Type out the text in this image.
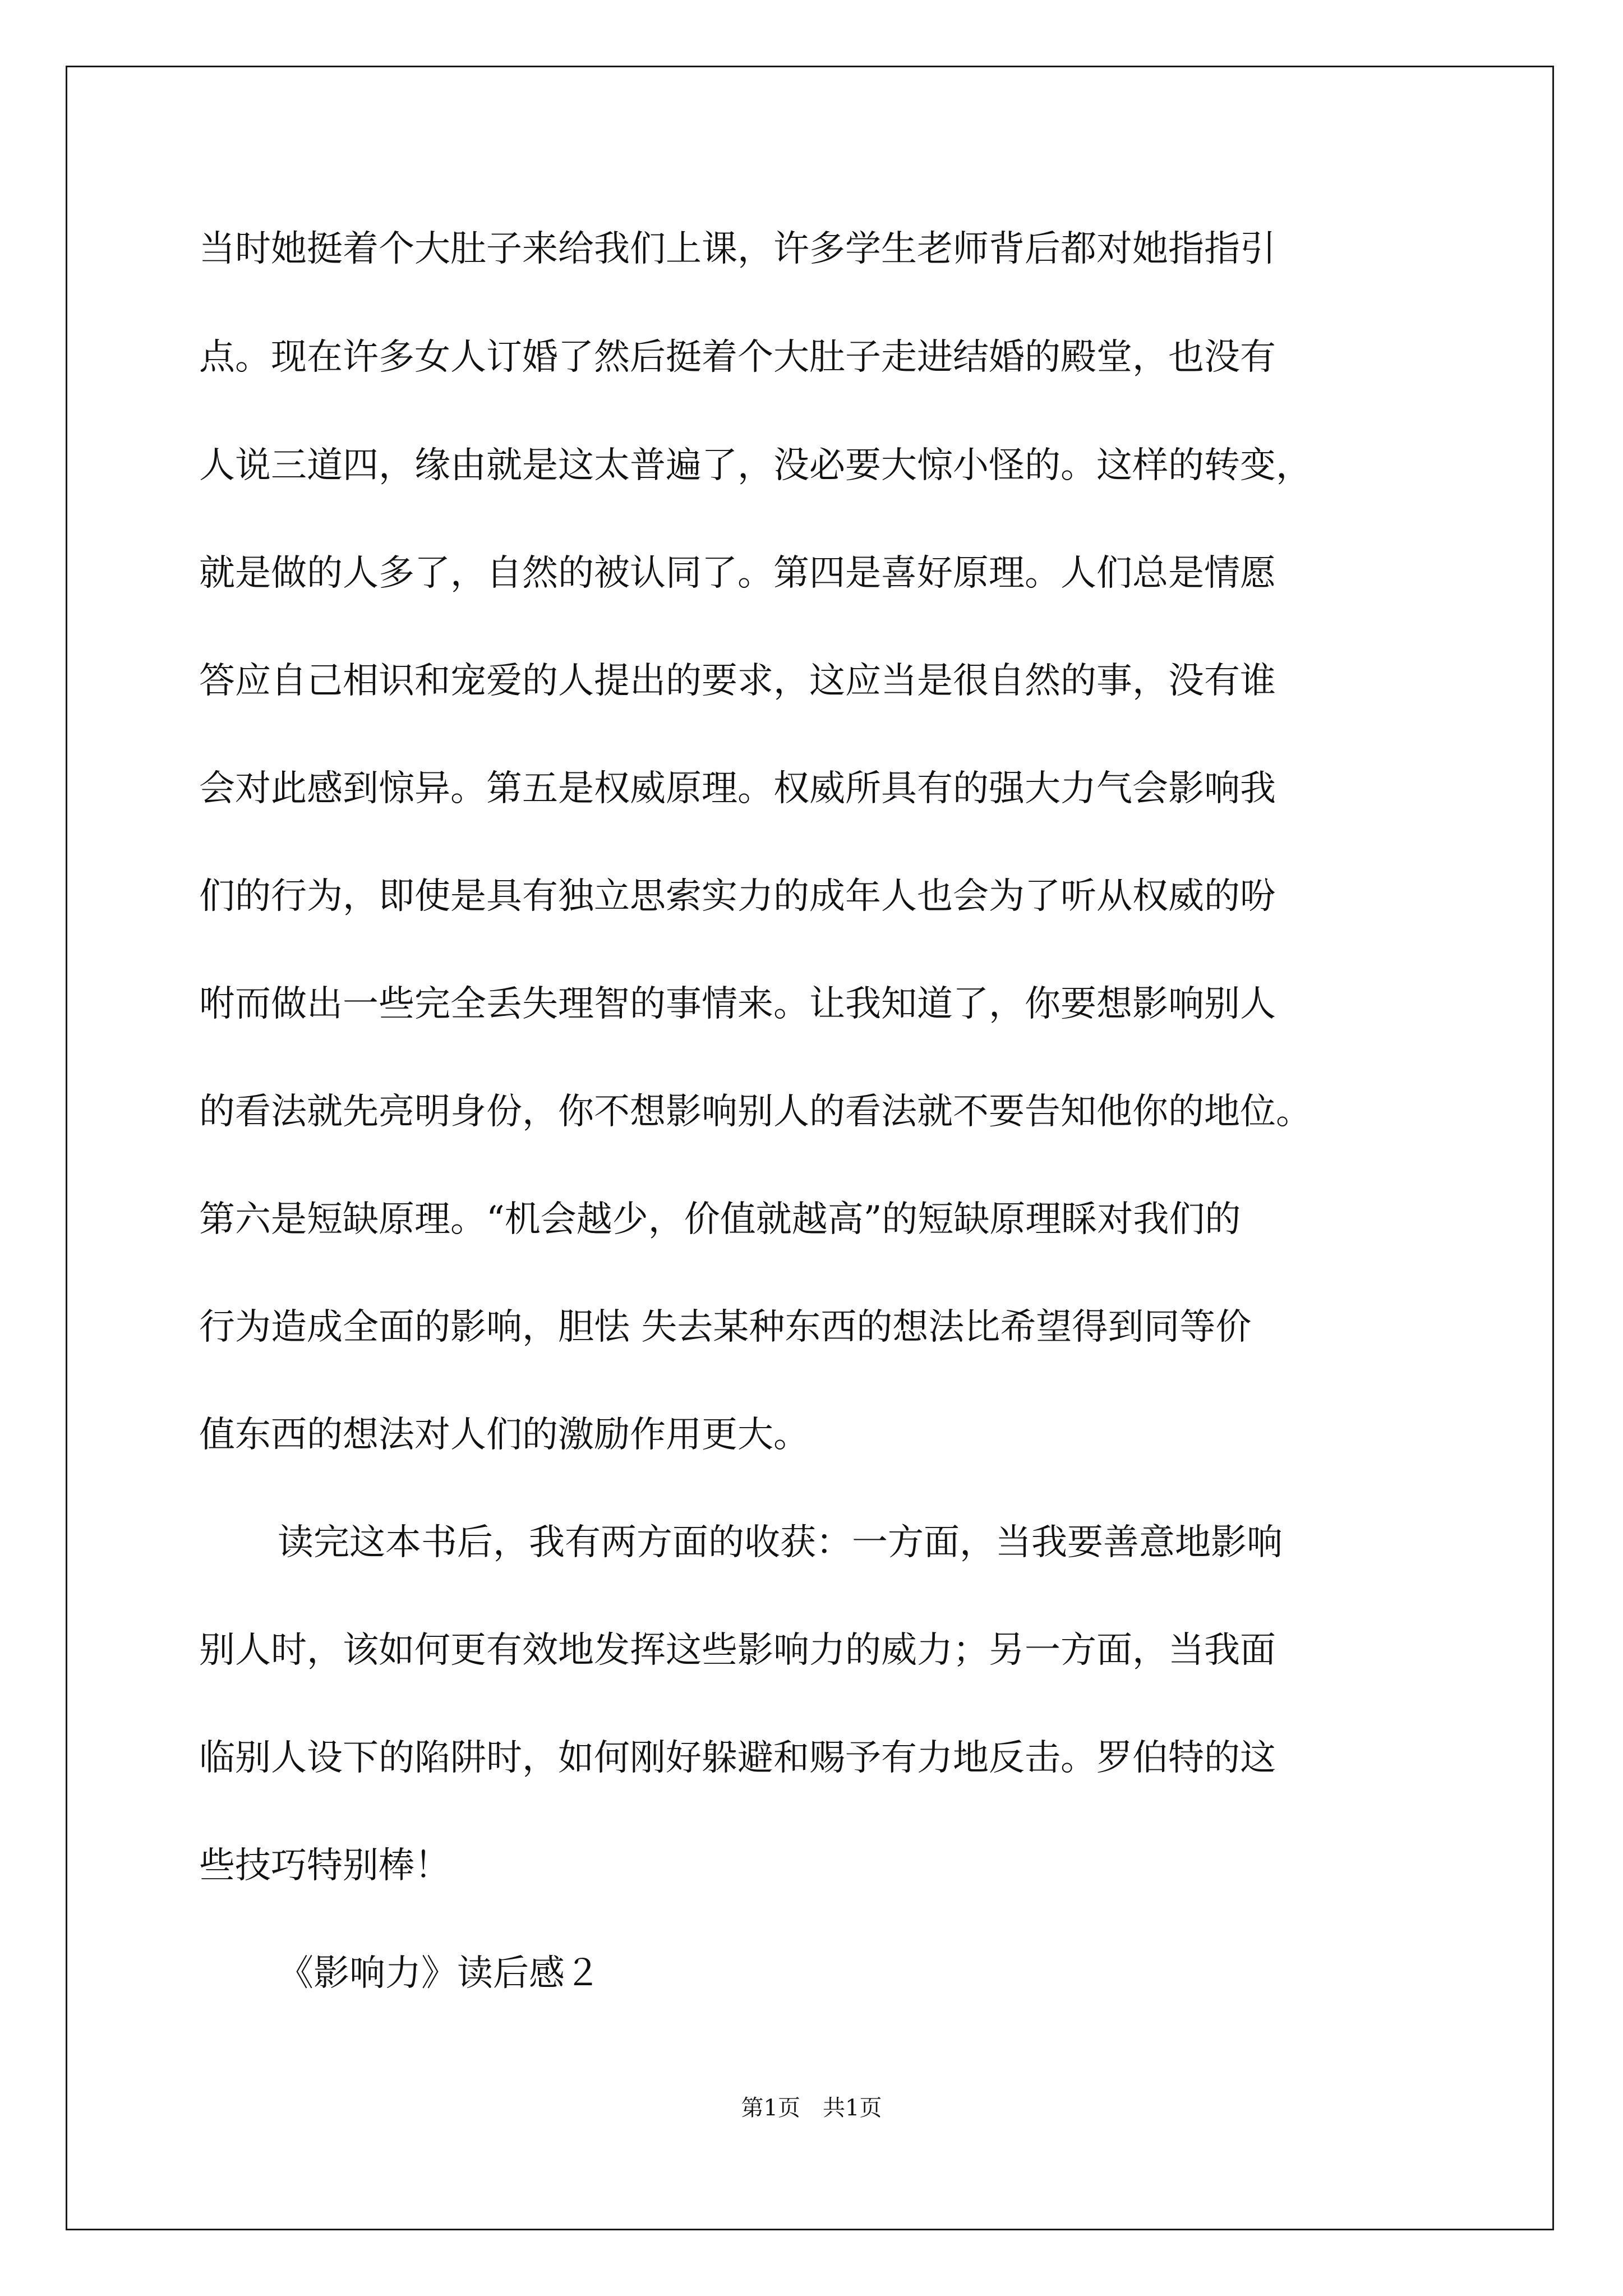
当时她挺着个大肚子来给我们上课，许多学生老师背后都对她指指引
点。现在许多女人订婚了然后挺着个大肚子走进结婚的殿堂，也没有
人说三道四，缘由就是这太普遍了，没必要大惊小怪的。这样的转变，
就是做的人多了，自然的被认同了。第四是喜好原理。人们总是情愿
答应自己相识和宠爱的人提出的要求，这应当是很自然的事，没有谁
会对此感到惊异。第五是权威原理。权威所具有的强大力气会影响我
们的行为，即使是具有独立思索实力的成年人也会为了听从权威的吩
咐而做出一些完全丢失理智的事情来。让我知道了，你要想影响别人
的看法就先亮明身份，你不想影响别人的看法就不要告知他你的地位。
第六是短缺原理。“机会越少，价值就越高”的短缺原理睬对我们的
行为造成全面的影响，胆怯 失去某种东西的想法比希望得到同等价
值东西的想法对人们的激励作用更大。
读完这本书后，我有两方面的收获：一方面，当我要善意地影响
别人时，该如何更有效地发挥这些影响力的威力；另一方面，当我面
临别人设下的陷阱时，如何刚好躲避和赐予有力地反击。罗伯特的这
些技巧特别棒！
《影响力》读后感２
第1页　共1页
